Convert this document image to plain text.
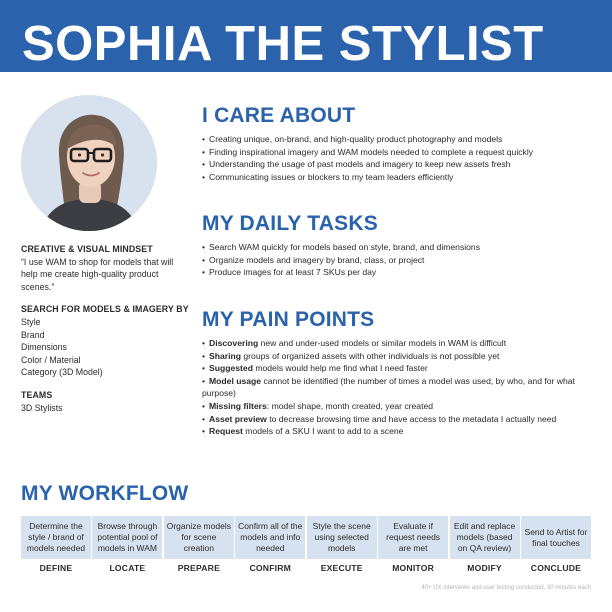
SOPHIA THE STYLIST

CREATIVE & VISUAL MINDSET

“I use WAM to shop for models that will help me create high-quality product scenes.”

SEARCH FOR MODELS & IMAGERY BY

Style
Brand
Dimensions
Color / Material
Category (3D Model)

TEAMS

3D Stylists

I CARE ABOUT
• Creating unique, on-brand, and high-quality product photography and models
• Finding inspirational imagery and WAM models needed to complete a request quickly
• Understanding the usage of past models and imagery to keep new assets fresh
• Communicating issues or blockers to my team leaders efficiently
MY DAILY TASKS
• Search WAM quickly for models based on style, brand, and dimensions
• Organize models and imagery by brand, class, or project
• Produce images for at least 7 SKUs per day
MY PAIN POINTS
• Discovering new and under-used models or similar models in WAM is difficult
• Sharing groups of organized assets with other individuals is not possible yet
• Suggested models would help me find what I need faster
• Model usage cannot be identified (the number of times a model was used, by who, and for what purpose)
• Missing filters: model shape, month created, year created
• Asset preview to decrease browsing time and have access to the metadata I actually need
• Request models of a SKU I want to add to a scene
MY WORKFLOW
Determine the style / brand of models needed
DEFINE
Browse through potential pool of models in WAM
LOCATE
Organize models for scene creation
PREPARE
Confirm all of the models and info needed
CONFIRM
Style the scene using selected models
EXECUTE
Evaluate if request needs are met
MONITOR
Edit and replace models (based on QA review)
MODIFY
Send to Artist for final touches
CONCLUDE
40+ UX interviews and user testing conducted, 30 minutes each
